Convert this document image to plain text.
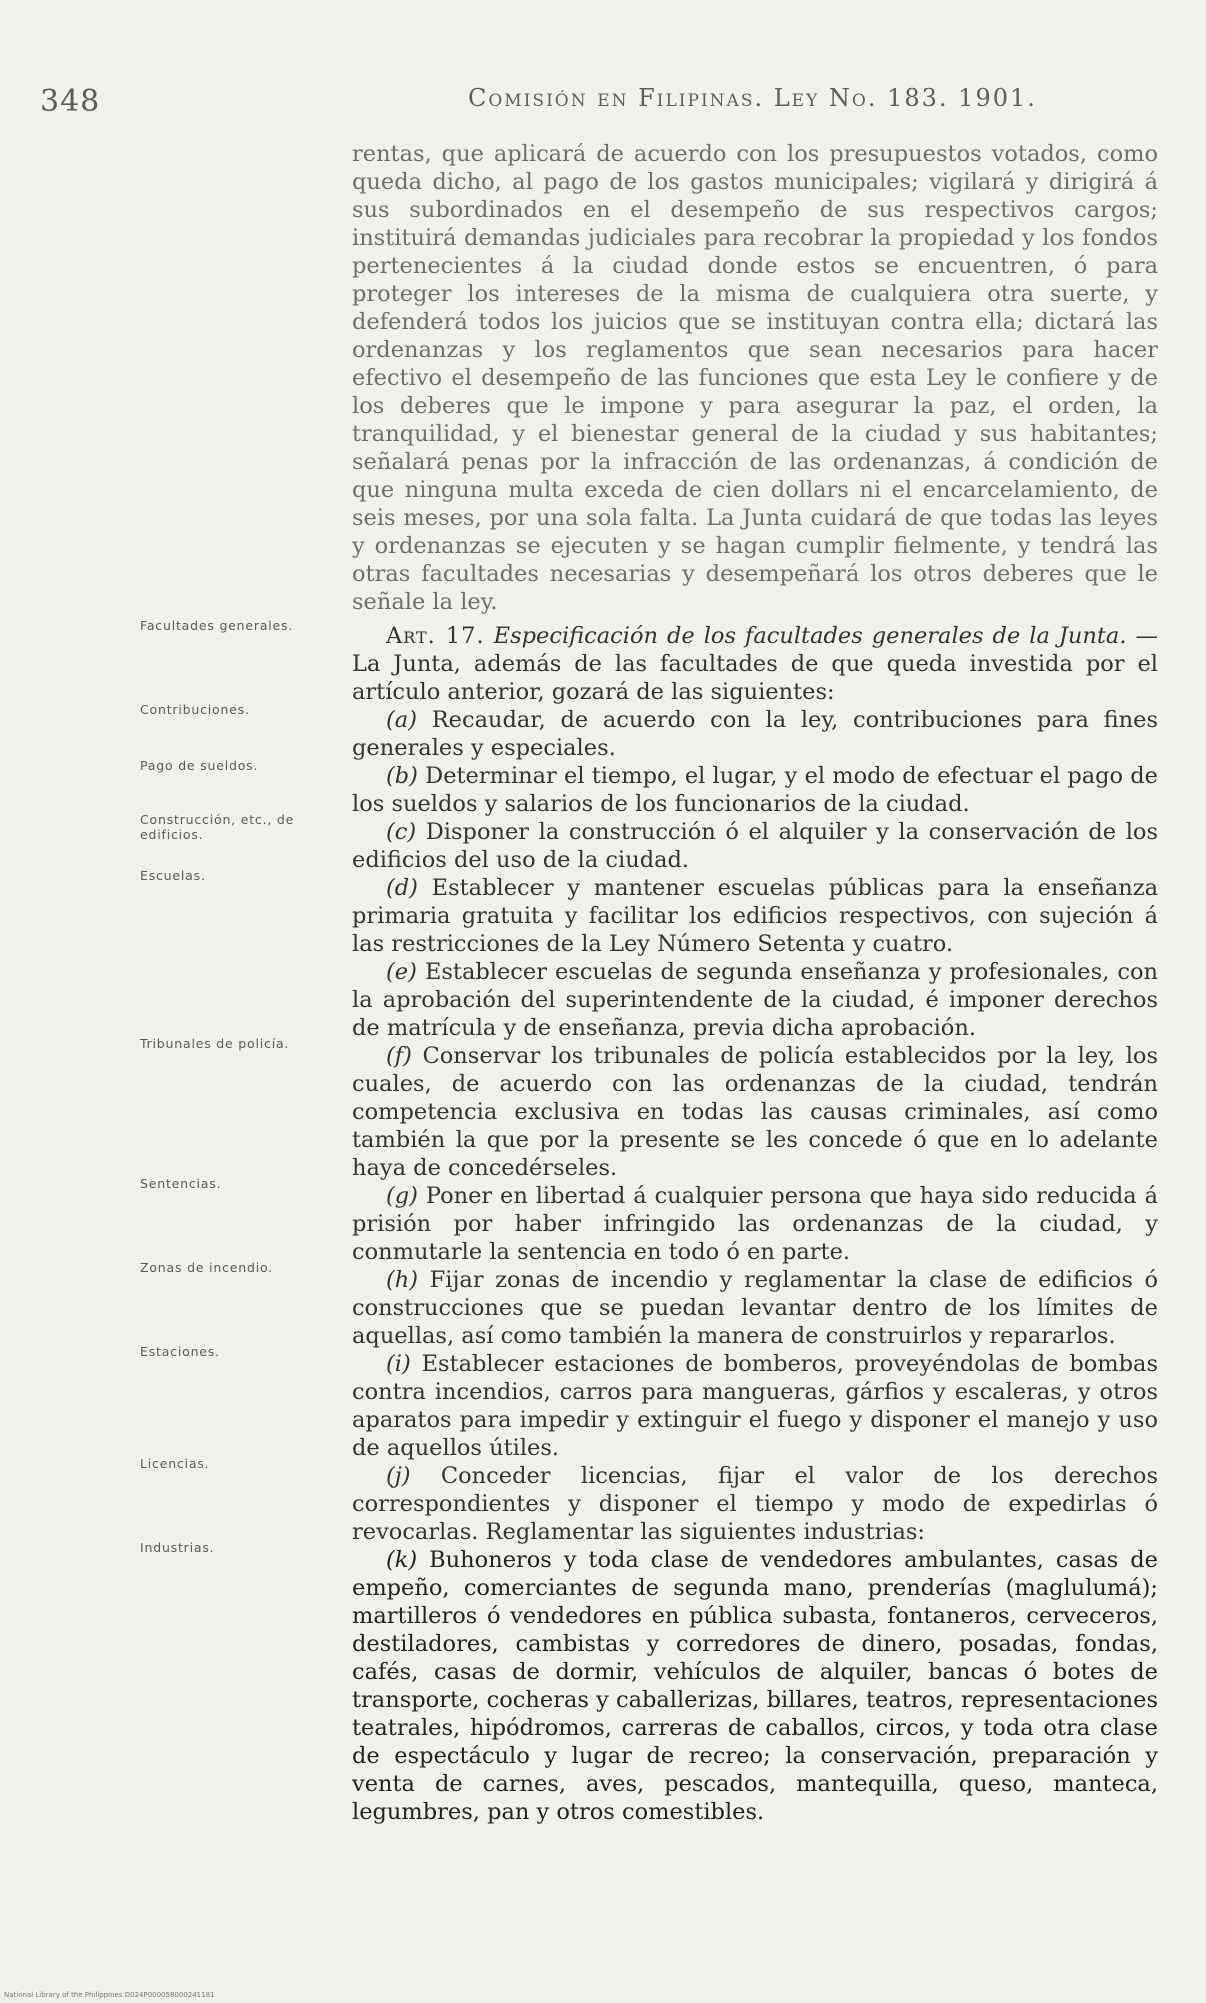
348	Comisión en Filipinas. Ley No. 183. 1901.

rentas, que aplicará de acuerdo con los presupuestos votados, como queda dicho, al pago de los gastos municipales; vigilará y dirigirá á sus subordinados en el desempeño de sus respectivos cargos; instituirá demandas judiciales para recobrar la propiedad y los fondos pertenecientes á la ciudad donde estos se encuentren, ó para proteger los intereses de la misma de cualquiera otra suerte, y defenderá todos los juicios que se instituyan contra ella; dictará las ordenanzas y los reglamentos que sean necesarios para hacer efectivo el desempeño de las funciones que esta Ley le confiere y de los deberes que le impone y para asegurar la paz, el orden, la tranquilidad, y el bienestar general de la ciudad y sus habitantes; señalará penas por la infracción de las ordenanzas, á condición de que ninguna multa exceda de cien dollars ni el encarcelamiento, de seis meses, por una sola falta. La Junta cuidará de que todas las leyes y ordenanzas se ejecuten y se hagan cumplir fielmente, y tendrá las otras facultades necesarias y desempeñará los otros deberes que le señale la ley.

Art. 17. Especificación de los facultades generales de la Junta. —La Junta, además de las facultades de que queda investida por el artículo anterior, gozará de las siguientes:

(a) Recaudar, de acuerdo con la ley, contribuciones para fines generales y especiales.

(b) Determinar el tiempo, el lugar, y el modo de efectuar el pago de los sueldos y salarios de los funcionarios de la ciudad.

(c) Disponer la construcción ó el alquiler y la conservación de los edificios del uso de la ciudad.

(d) Establecer y mantener escuelas públicas para la enseñanza primaria gratuita y facilitar los edificios respectivos, con sujeción á las restricciones de la Ley Número Setenta y cuatro.

(e) Establecer escuelas de segunda enseñanza y profesionales, con la aprobación del superintendente de la ciudad, é imponer derechos de matrícula y de enseñanza, previa dicha aprobación.

(f) Conservar los tribunales de policía establecidos por la ley, los cuales, de acuerdo con las ordenanzas de la ciudad, tendrán competencia exclusiva en todas las causas criminales, así como también la que por la presente se les concede ó que en lo adelante haya de concedérseles.

(g) Poner en libertad á cualquier persona que haya sido reducida á prisión por haber infringido las ordenanzas de la ciudad, y conmutarle la sentencia en todo ó en parte.

(h) Fijar zonas de incendio y reglamentar la clase de edificios ó construcciones que se puedan levantar dentro de los límites de aquellas, así como también la manera de construirlos y repararlos.

(i) Establecer estaciones de bomberos, proveyéndolas de bombas contra incendios, carros para mangueras, gárfios y escaleras, y otros aparatos para impedir y extinguir el fuego y disponer el manejo y uso de aquellos útiles.

(j) Conceder licencias, fijar el valor de los derechos correspondientes y disponer el tiempo y modo de expedirlas ó revocarlas. Reglamentar las siguientes industrias:

(k) Buhoneros y toda clase de vendedores ambulantes, casas de empeño, comerciantes de segunda mano, prenderías (maglulumá); martilleros ó vendedores en pública subasta, fontaneros, cerveceros, destiladores, cambistas y corredores de dinero, posadas, fondas, cafés, casas de dormir, vehículos de alquiler, bancas ó botes de transporte, cocheras y caballerizas, billares, teatros, representaciones teatrales, hipódromos, carreras de caballos, circos, y toda otra clase de espectáculo y lugar de recreo; la conservación, preparación y venta de carnes, aves, pescados, mantequilla, queso, manteca, legumbres, pan y otros comestibles.

Facultades generales.
Contribuciones.
Pago de sueldos.
Construcción, etc., de edificios.
Escuelas.
Tribunales de policía.
Sentencias.
Zonas de incendio.
Estaciones.
Licencias.
Industrias.
National Library of the Philippines D024P000058000241181
